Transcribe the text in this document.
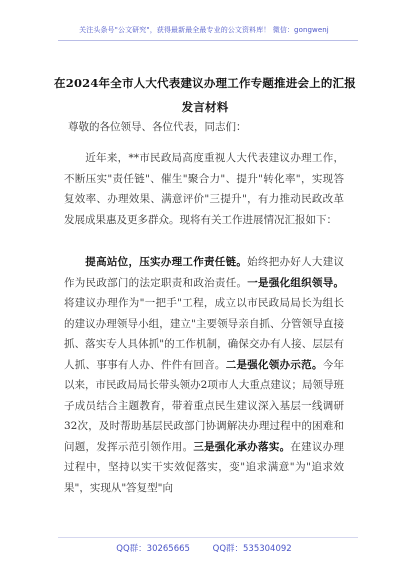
关注头条号"公文研究"，获得最新最全最专业的公文资料库！ 微信：gongwenj
在2024年全市人大代表建议办理工作专题推进会上的汇报
发言材料
尊敬的各位领导、各位代表，同志们：
近年来，**市民政局高度重视人大代表建议办理工作，不断压实"责任链"、催生"聚合力"、提升"转化率"，实现答复效率、办理效果、满意评价"三提升"，有力推动民政改革发展成果惠及更多群众。现将有关工作进展情况汇报如下：
提高站位，压实办理工作责任链。始终把办好人大建议作为民政部门的法定职责和政治责任。一是强化组织领导。将建议办理作为"一把手"工程，成立以市民政局局长为组长的建议办理领导小组，建立"主要领导亲自抓、分管领导直接抓、落实专人具体抓"的工作机制，确保交办有人接、层层有人抓、事事有人办、件件有回音。二是强化领办示范。今年以来，市民政局局长带头领办2项市人大重点建议；局领导班子成员结合主题教育，带着重点民生建议深入基层一线调研32次，及时帮助基层民政部门协调解决办理过程中的困难和问题，发挥示范引领作用。三是强化承办落实。在建议办理过程中，坚持以实干实效促落实，变"追求满意"为"追求效果"，实现从"答复型"向
QQ群：30265665	QQ群：535304092
